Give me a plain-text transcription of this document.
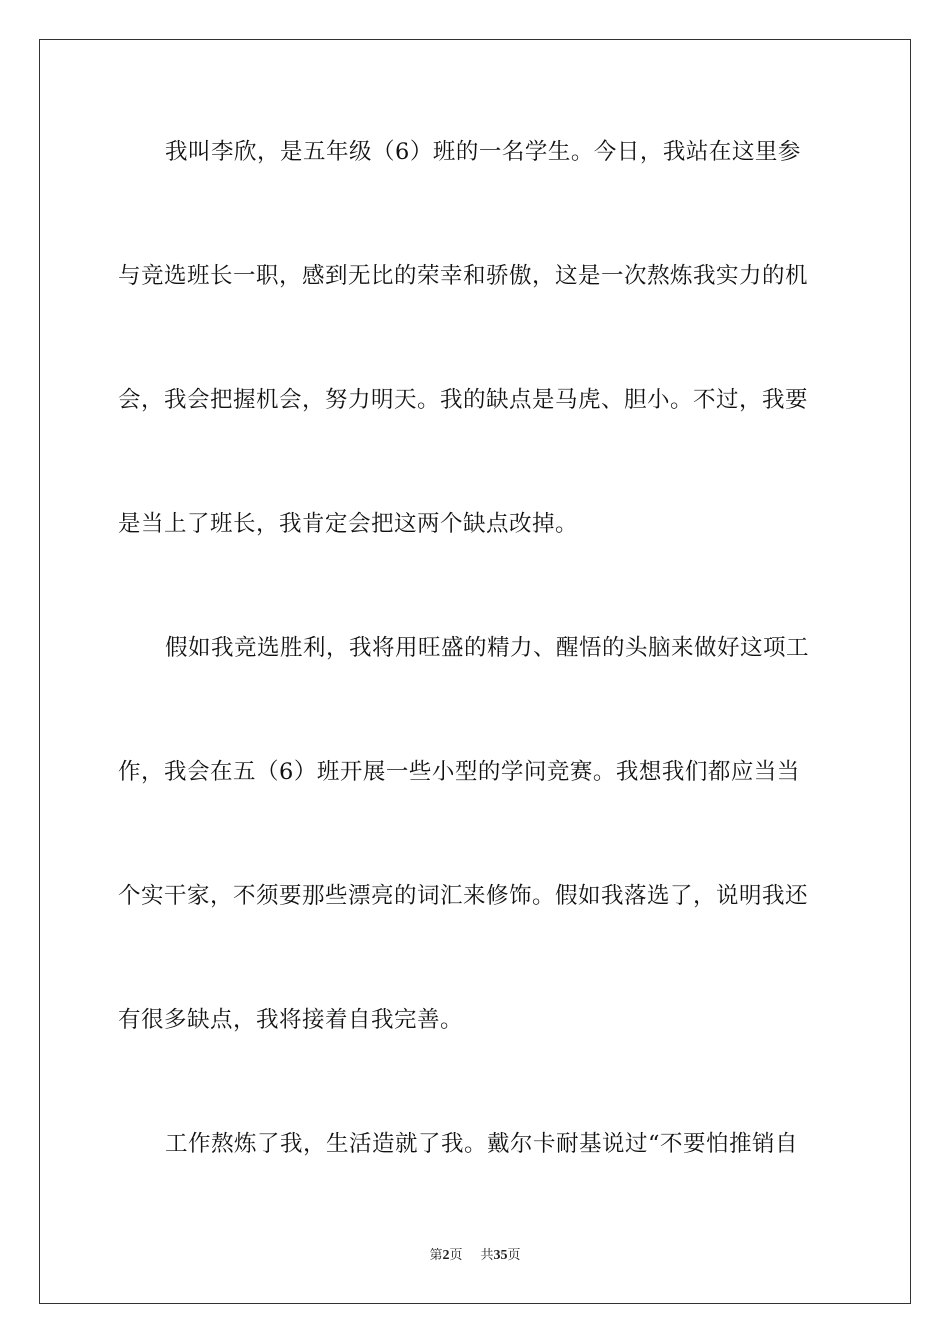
我叫李欣，是五年级（6）班的一名学生。今日，我站在这里参

与竞选班长一职，感到无比的荣幸和骄傲，这是一次熬炼我实力的机

会，我会把握机会，努力明天。我的缺点是马虎、胆小。不过，我要

是当上了班长，我肯定会把这两个缺点改掉。

假如我竞选胜利，我将用旺盛的精力、醒悟的头脑来做好这项工

作，我会在五（6）班开展一些小型的学问竞赛。我想我们都应当当

个实干家，不须要那些漂亮的词汇来修饰。假如我落选了，说明我还

有很多缺点，我将接着自我完善。

工作熬炼了我，生活造就了我。戴尔卡耐基说过“不要怕推销自

第2页 共35页
